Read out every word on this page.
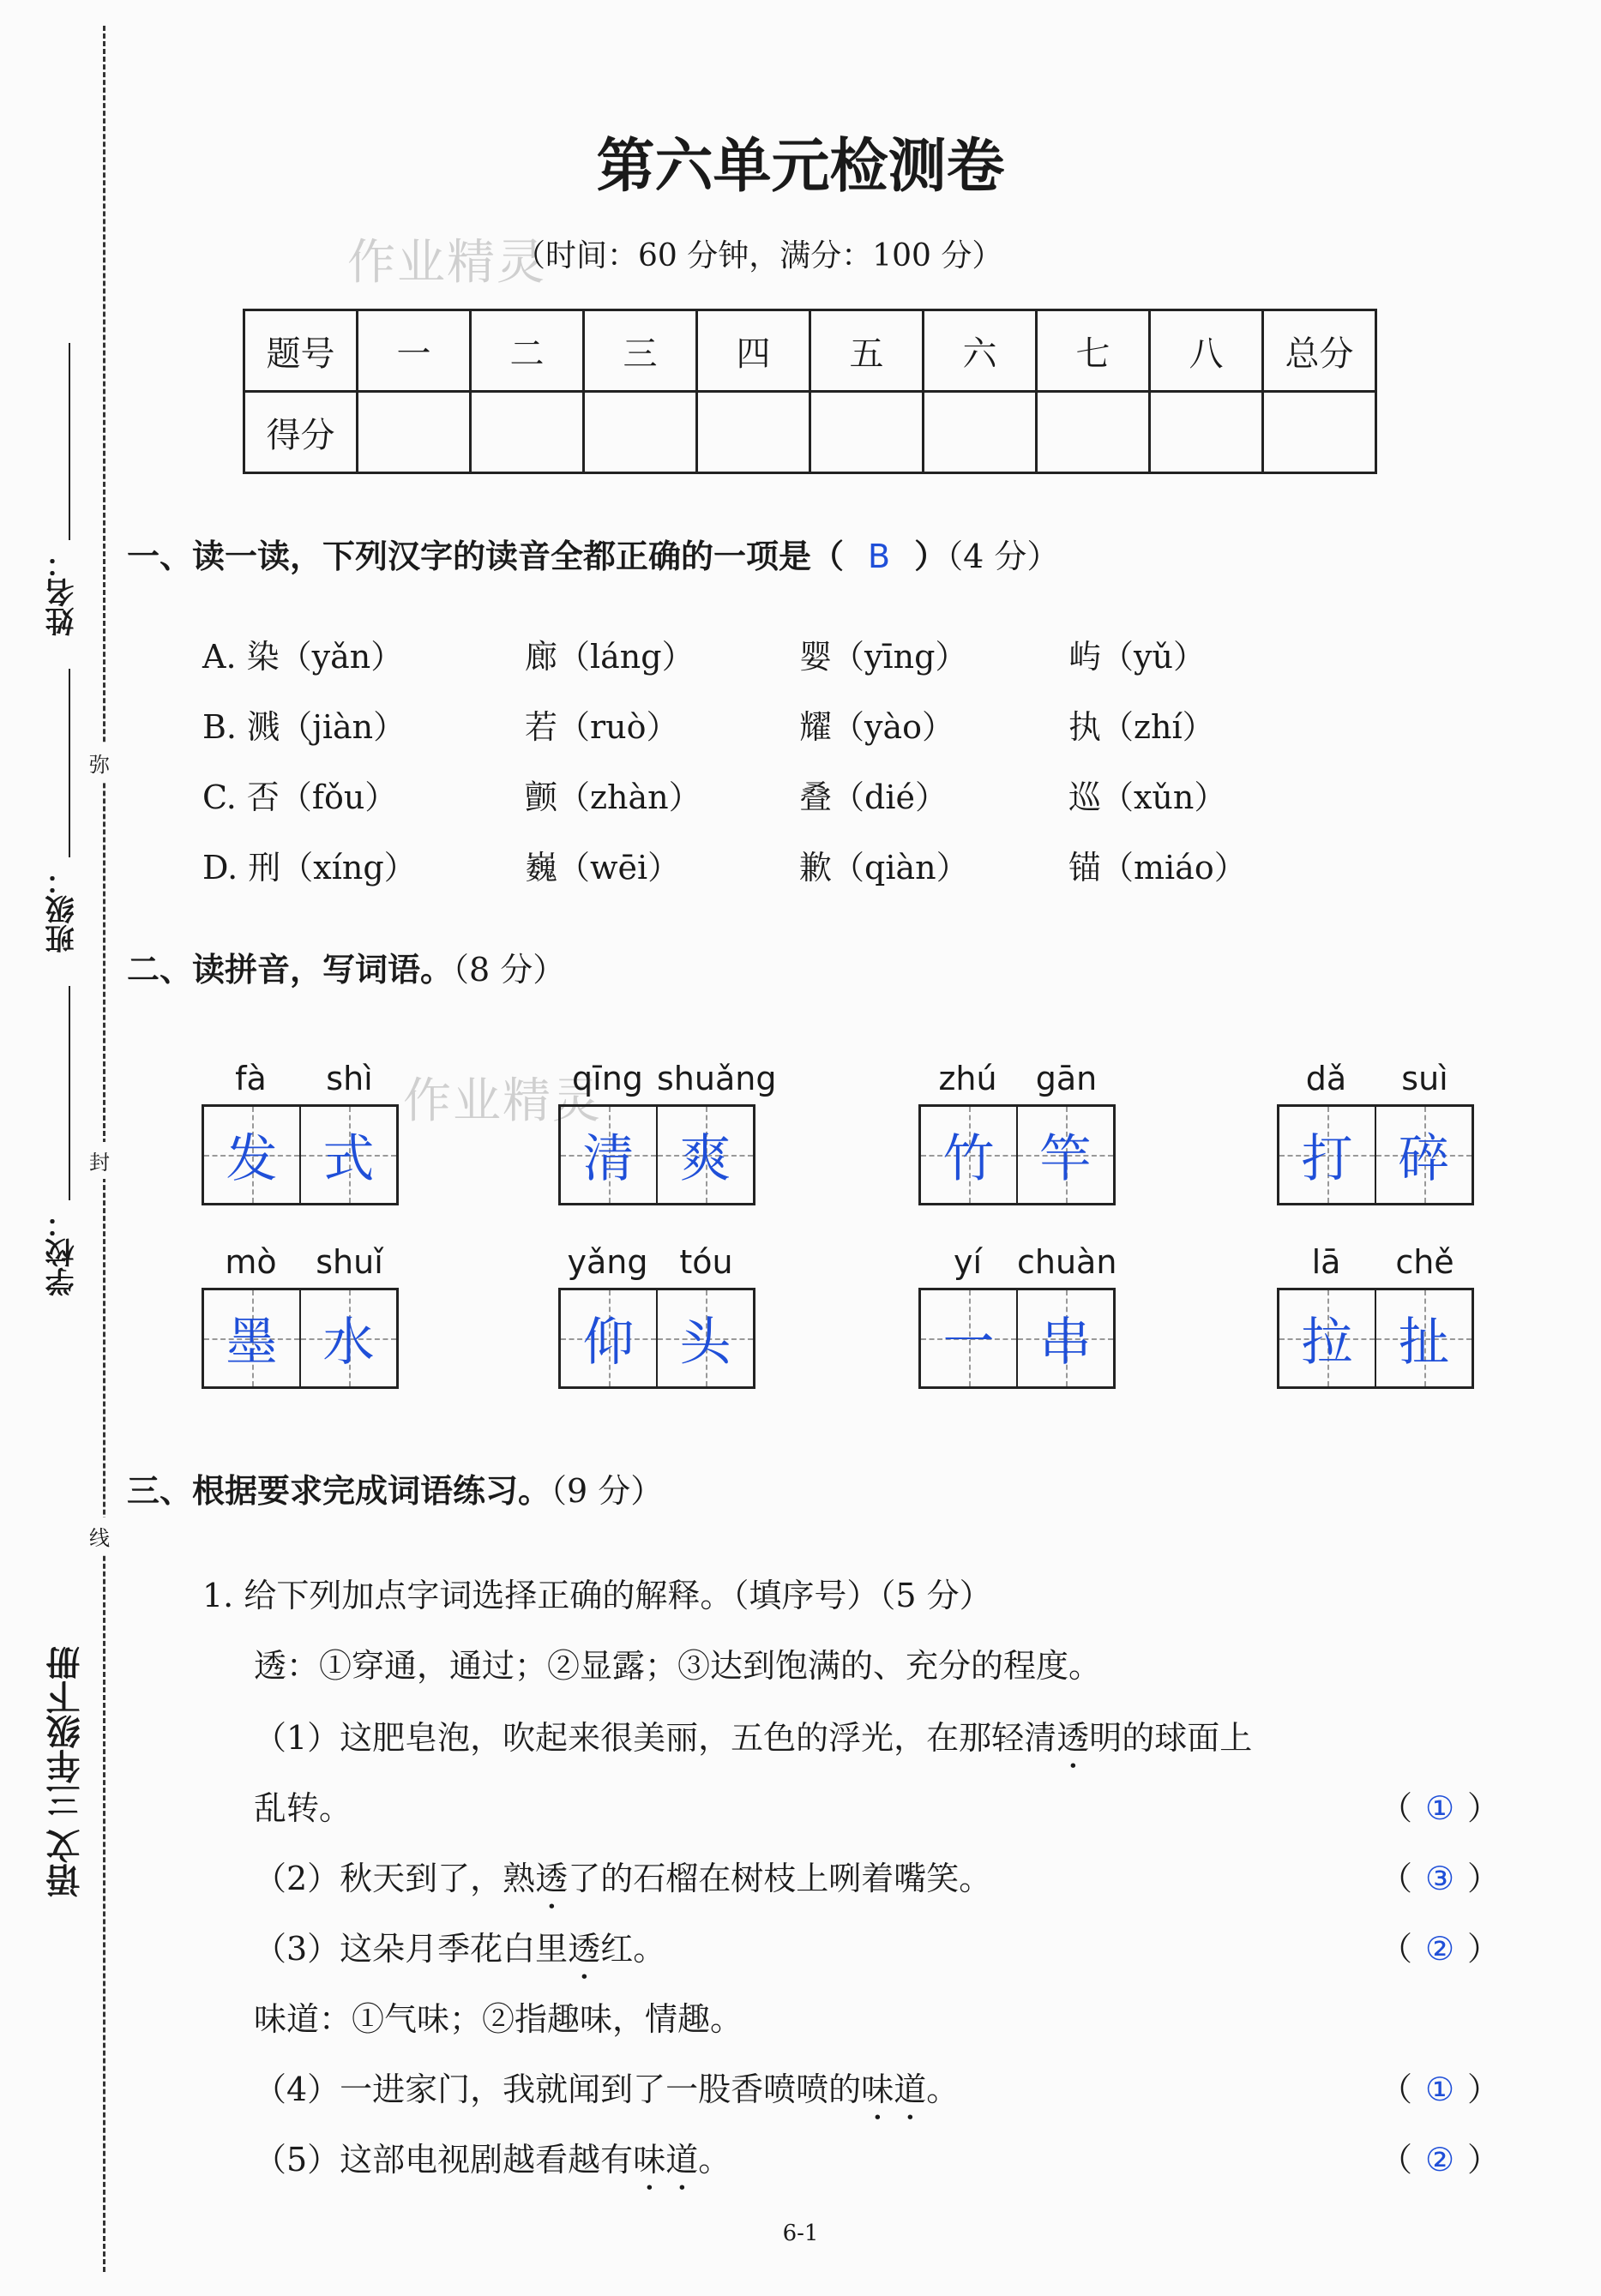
姓名：
班级：
学校：
语文 三年级下册
弥
封
线
第六单元检测卷
作业精灵
（时间：60 分钟，满分：100 分）
题号	一	二	三	四	五	六	七	八	总分
得分									
一、读一读，下列汉字的读音全都正确的一项是（ B ）（4 分）
A. 染（yǎn）	廊（láng）	婴（yīng）	屿（yǔ）
B. 溅（jiàn）	若（ruò）	耀（yào）	执（zhí）
C. 否（fǒu）	颤（zhàn）	叠（dié）	巡（xǔn）
D. 刑（xíng）	巍（wēi）	歉（qiàn）	锚（miáo）
二、读拼音，写词语。（8 分）
作业精灵
fà shì
发 式
qīng shuǎng
清 爽
zhú gān
竹 竿
dǎ suì
打 碎
mò shuǐ
墨 水
yǎng tóu
仰 头
yí chuàn
一 串
lā chě
拉 扯
三、根据要求完成词语练习。（9 分）
1. 给下列加点字词选择正确的解释。（填序号）（5 分）
透：①穿通，通过；②显露；③达到饱满的、充分的程度。
（1）这肥皂泡，吹起来很美丽，五色的浮光，在那轻清透明的球面上
乱转。	（ ① ）
（2）秋天到了，熟透了的石榴在树枝上咧着嘴笑。	（ ③ ）
（3）这朵月季花白里透红。	（ ② ）
味道：①气味；②指趣味，情趣。
（4）一进家门，我就闻到了一股香喷喷的味道。	（ ① ）
（5）这部电视剧越看越有味道。	（ ② ）
6-1
